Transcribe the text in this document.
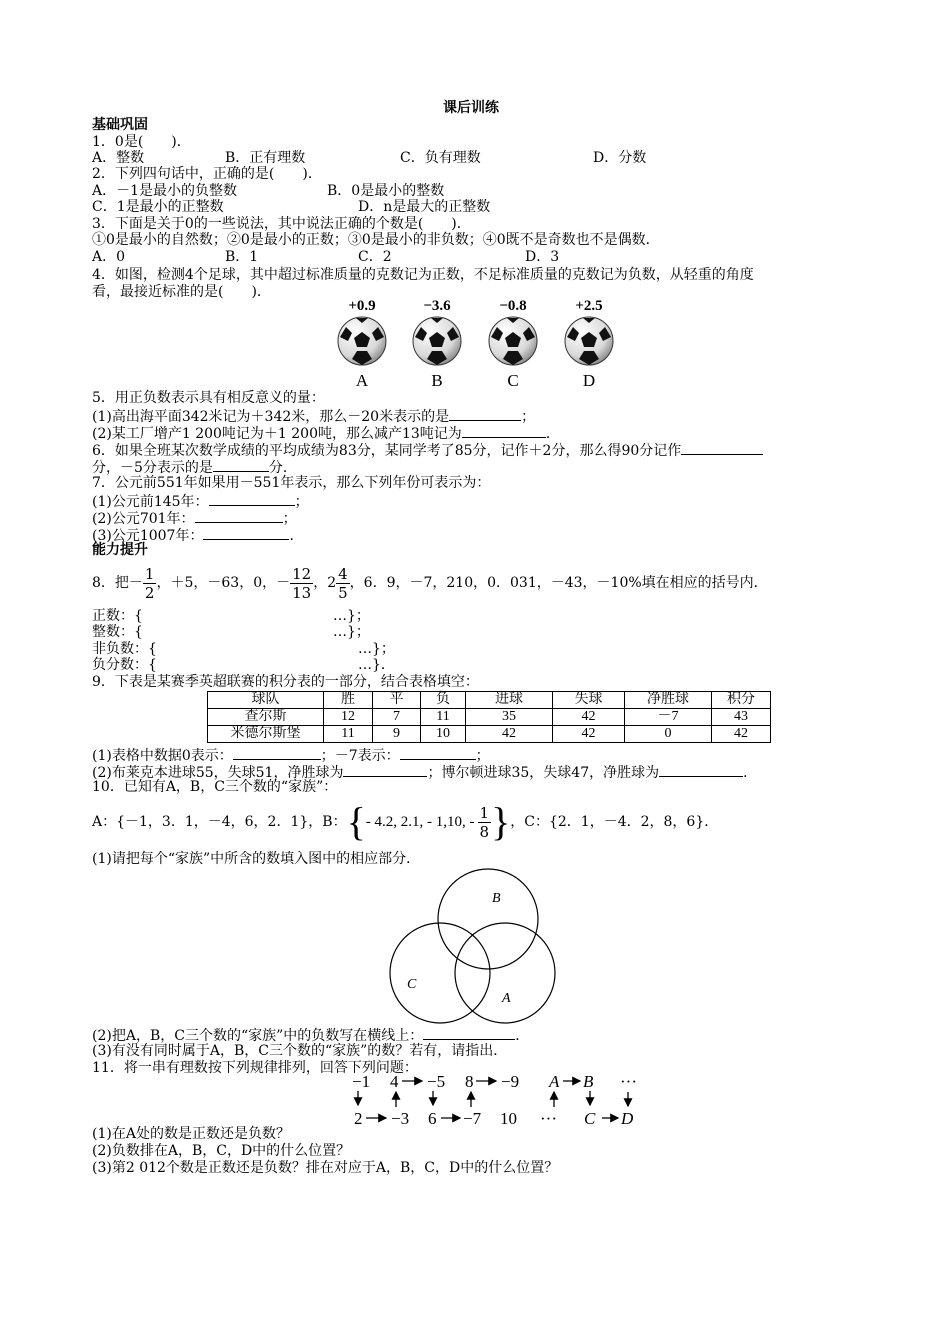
课后训练
基础巩固
1．0是(　　)．
A．整数	B．正有理数	C．负有理数	D．分数
2．下列四句话中，正确的是(　　)．
A．－1是最小的负整数	B．0是最小的整数
C．1是最小的正整数	D．n是最大的正整数
3．下面是关于0的一些说法，其中说法正确的个数是(　　)．
①0是最小的自然数；②0是最小的正数；③0是最小的非负数；④0既不是奇数也不是偶数．
A．0	B．1	C．2	D．3
4．如图，检测4个足球，其中超过标准质量的克数记为正数，不足标准质量的克数记为负数，从轻重的角度
看，最接近标准的是(　　)．
+0.9
A
−3.6
B
−0.8
C
+2.5
D
5．用正负数表示具有相反意义的量：
(1)高出海平面342米记为＋342米，那么－20米表示的是	；
(2)某工厂增产1 200吨记为＋1 200吨，那么减产13吨记为	．
6．如果全班某次数学成绩的平均成绩为83分，某同学考了85分，记作＋2分，那么得90分记作
分，－5分表示的是	分．
7．公元前551年如果用－551年表示，那么下列年份可表示为：
(1)公元前145年：	；
(2)公元701年：	；
(3)公元1007年：	．
能力提升
8．把－ $\frac{1}{2}$ ，＋5，－63，0，－ $\frac{12}{13}$ ，$2 \frac{4}{5}$ ，6．9，－7，210，0．031，－43，－10%填在相应的括号内．
正数：{	…}；
整数：{	…}；
非负数：{	…}；
负分数：{	…}．
9．下表是某赛季英超联赛的积分表的一部分，结合表格填空：
球队	胜	平	负	进球	失球	净胜球	积分
查尔斯	12	7	11	35	42	－7	43
米德尔斯堡	11	9	10	42	42	0	42
(1)表格中数据0表示：	；－7表示：	；
(2)布莱克本进球55，失球51，净胜球为	；博尔顿进球35，失球47，净胜球为	．
10．已知有A，B，C三个数的“家族”：
A：{－1，3．1，－4，6，2．1}，B：{- 4.2, 2.1, - 1,10, - $\frac{1}{8}$ }，C：{2．1，－4．2，8，6}．
(1)请把每个“家族”中所含的数填入图中的相应部分．
B
C
A
(2)把A，B，C三个数的“家族”中的负数写在横线上：	．
(3)有没有同时属于A，B，C三个数的“家族”的数？若有，请指出．
11．将一串有理数按下列规律排列，回答下列问题：
−1 4 −5 8 −9 A B ···
2 −3 6 −7 10 ··· C D
(1)在A处的数是正数还是负数？
(2)负数排在A，B，C，D中的什么位置？
(3)第2 012个数是正数还是负数？排在对应于A，B，C，D中的什么位置？
